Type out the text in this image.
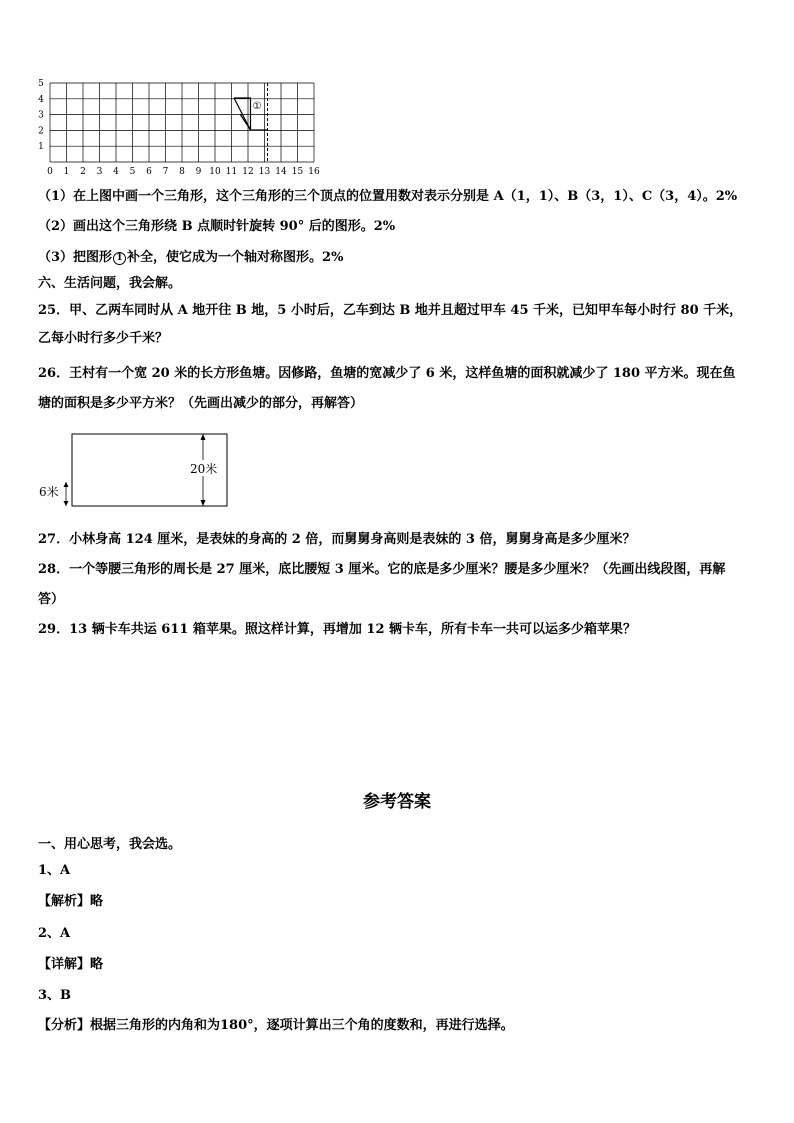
0 1 2 3 4 5 6 7 8 9 10 11 12 13 14 15 16
1
2
3
4
5
①
（1）在上图中画一个三角形，这个三角形的三个顶点的位置用数对表示分别是 A（1，1）、B（3，1）、C（3，4）。2%
（2）画出这个三角形绕 B 点顺时针旋转 90° 后的图形。2%
（3）把图形 1 补全，使它成为一个轴对称图形。2%
六、生活问题，我会解。
25．甲、乙两车同时从 A 地开往 B 地，5 小时后，乙车到达 B 地并且超过甲车 45 千米，已知甲车每小时行 80 千米，
乙每小时行多少千米？
26．王村有一个宽 20 米的长方形鱼塘。因修路，鱼塘的宽减少了 6 米，这样鱼塘的面积就减少了 180 平方米。现在鱼
塘的面积是多少平方米？（先画出减少的部分，再解答）
20米
6米
27．小林身高 124 厘米，是表妹的身高的 2 倍，而舅舅身高则是表妹的 3 倍，舅舅身高是多少厘米？
28．一个等腰三角形的周长是 27 厘米，底比腰短 3 厘米。它的底是多少厘米？腰是多少厘米？（先画出线段图，再解
答）
29．13 辆卡车共运 611 箱苹果。照这样计算，再增加 12 辆卡车，所有卡车一共可以运多少箱苹果？
参考答案
一、用心思考，我会选。
1、A
【解析】略
2、A
【详解】略
3、B
【分析】根据三角形的内角和为180°，逐项计算出三个角的度数和，再进行选择。
